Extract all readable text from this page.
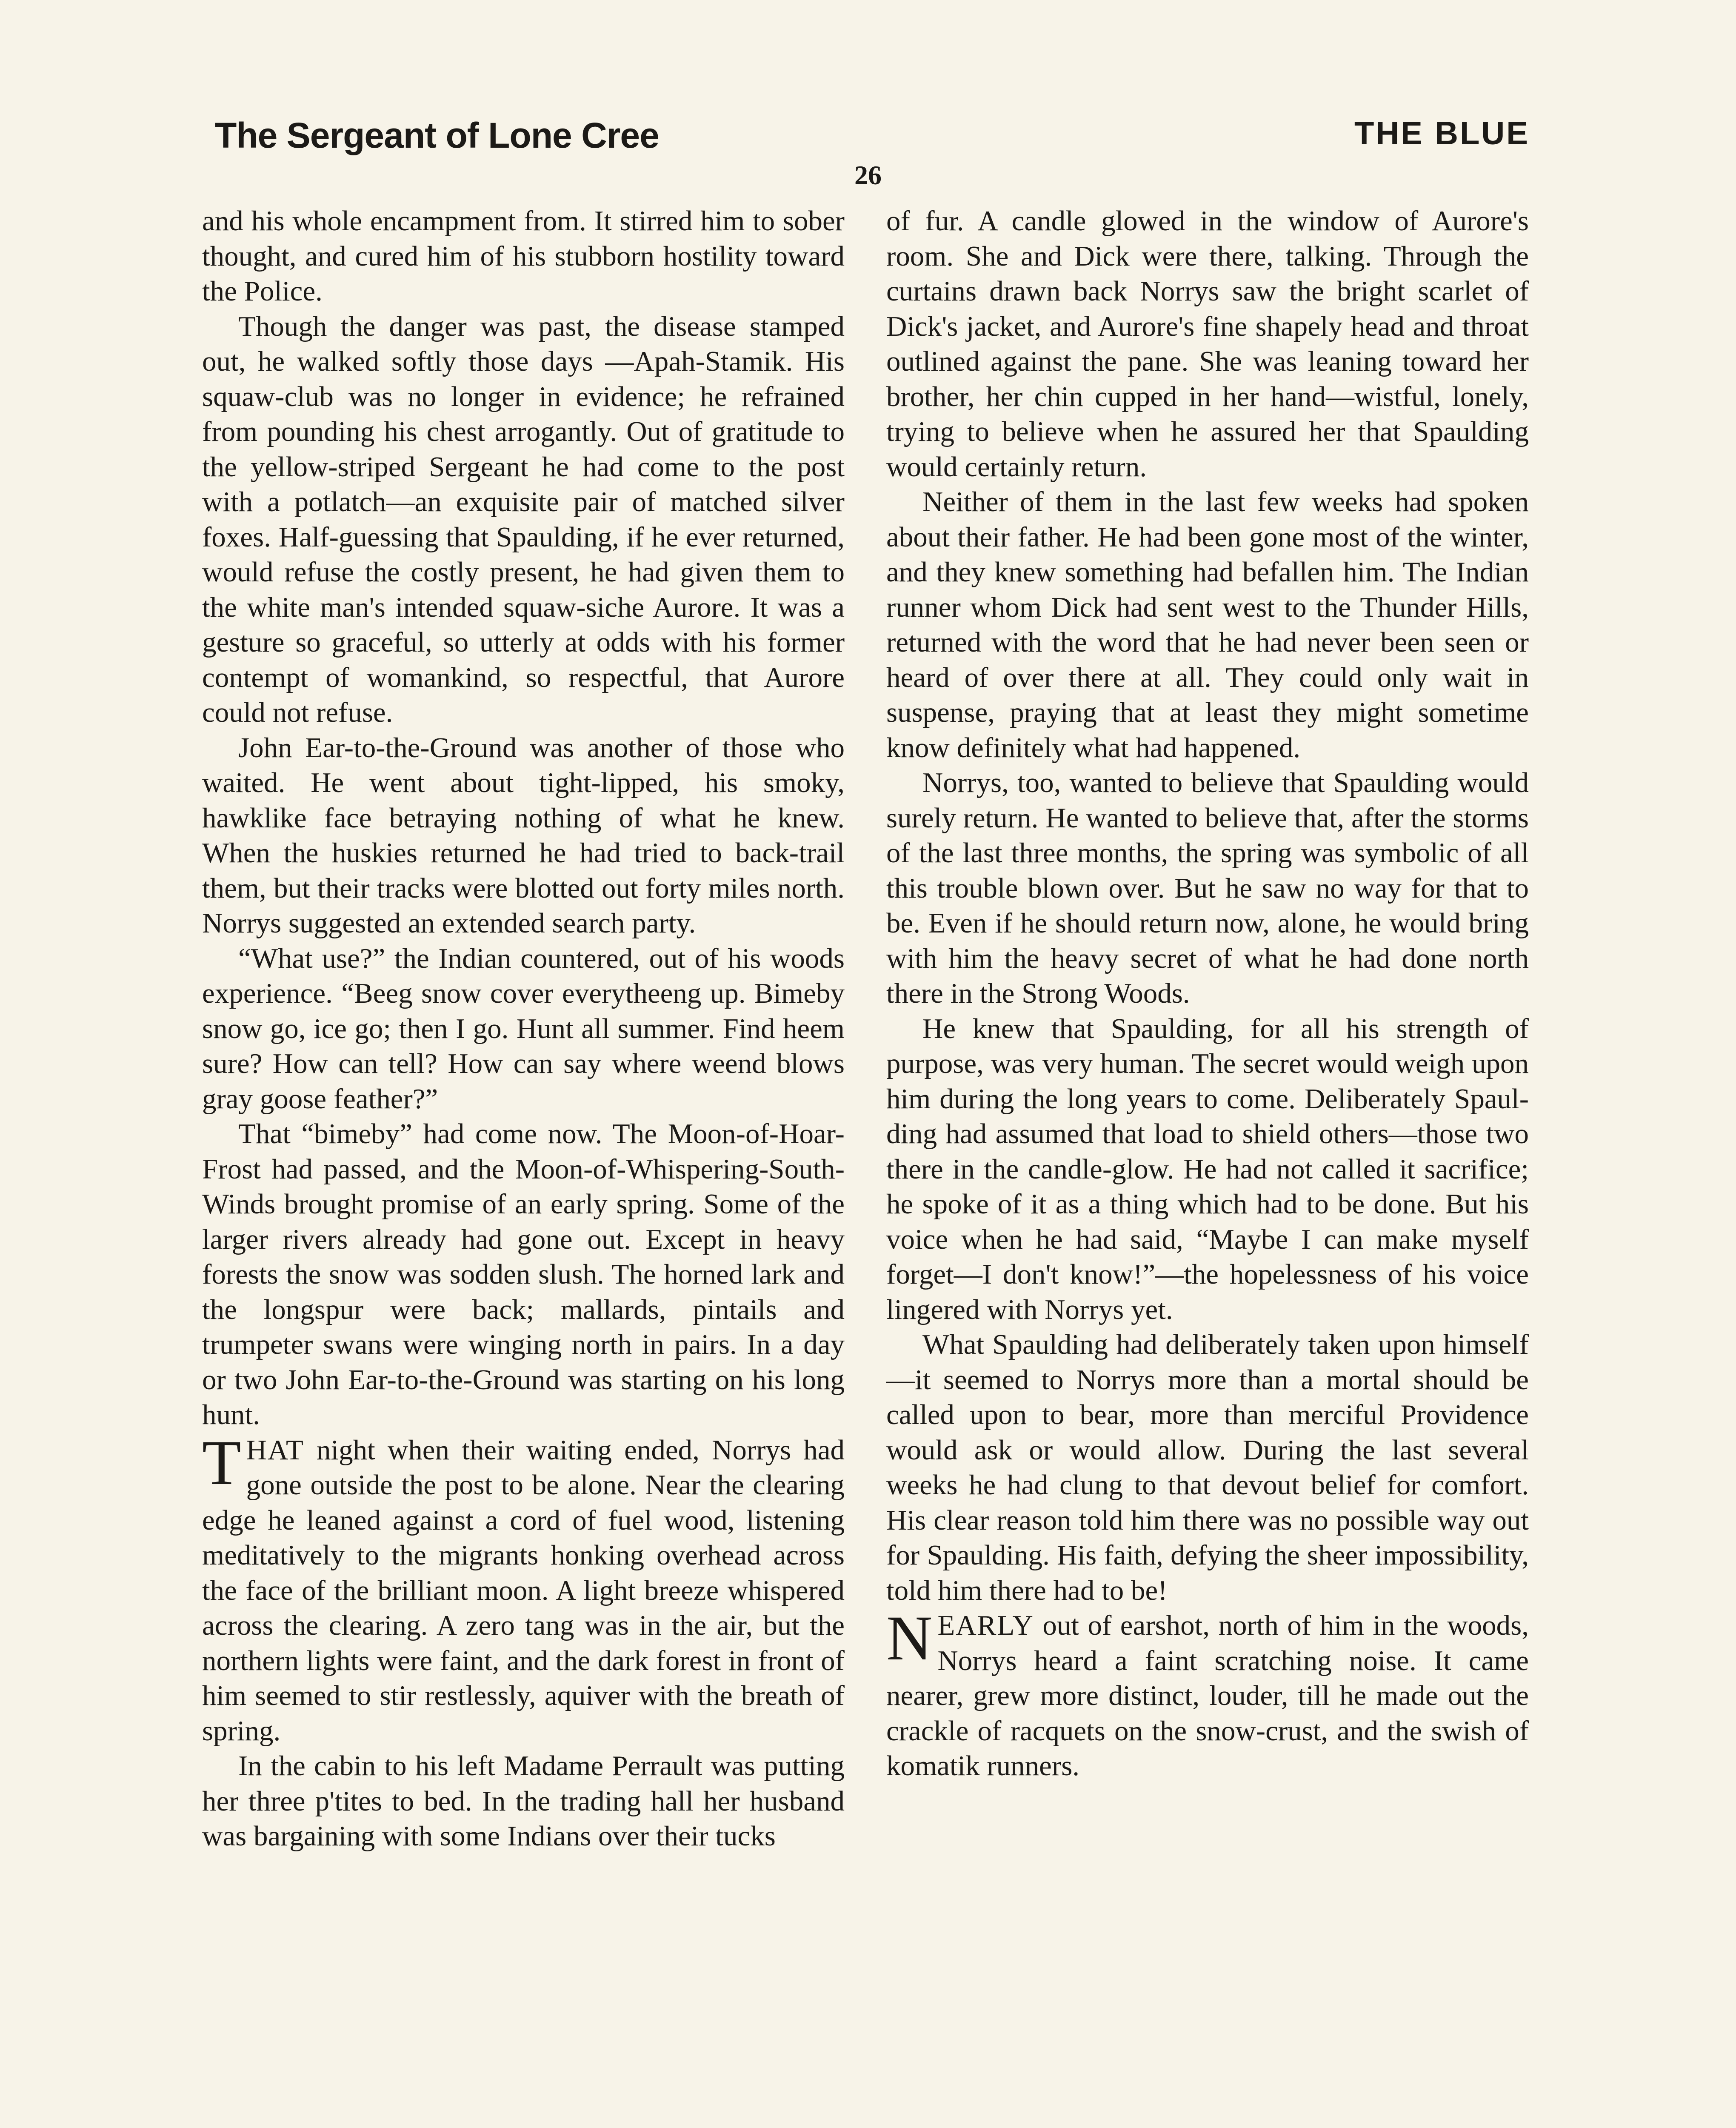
The Sergeant of Lone Cree	THE BLUE
26

and his whole encampment from. It stirred him to sober thought, and cured him of his stubborn hostility toward the Police.

Though the danger was past, the disease stamped out, he walked softly those days —Apah-Stamik. His squaw-club was no longer in evidence; he refrained from pounding his chest arrogantly. Out of gratitude to the yellow-striped Sergeant he had come to the post with a potlatch—an exquisite pair of matched silver foxes. Half-guessing that Spaulding, if he ever returned, would refuse the costly present, he had given them to the white man's intended squaw-siche Aurore. It was a gesture so graceful, so utterly at odds with his former contempt of womankind, so respectful, that Aurore could not refuse.

John Ear-to-the-Ground was another of those who waited. He went about tight-lipped, his smoky, hawklike face betraying nothing of what he knew. When the huskies returned he had tried to back-trail them, but their tracks were blotted out forty miles north. Norrys suggested an extended search party.

“What use?” the Indian countered, out of his woods experience. “Beeg snow cover everytheeng up. Bimeby snow go, ice go; then I go. Hunt all summer. Find heem sure? How can tell? How can say where weend blows gray goose feather?”

That “bimeby” had come now. The Moon-of-Hoar-Frost had passed, and the Moon-of-Whispering-South-Winds brought promise of an early spring. Some of the larger rivers already had gone out. Except in heavy forests the snow was sodden slush. The horned lark and the longspur were back; mallards, pintails and trumpeter swans were winging north in pairs. In a day or two John Ear-to-the-Ground was starting on his long hunt.

THAT night when their waiting ended, Norrys had gone outside the post to be alone. Near the clearing edge he leaned against a cord of fuel wood, listening meditatively to the migrants honking overhead across the face of the brilliant moon. A light breeze whispered across the clearing. A zero tang was in the air, but the northern lights were faint, and the dark forest in front of him seemed to stir restlessly, aquiver with the breath of spring.

In the cabin to his left Madame Perrault was putting her three p'tites to bed. In the trading hall her husband was bargaining with some Indians over their tucks

of fur. A candle glowed in the window of Aurore's room. She and Dick were there, talking. Through the curtains drawn back Norrys saw the bright scarlet of Dick's jacket, and Aurore's fine shapely head and throat outlined against the pane. She was leaning toward her brother, her chin cupped in her hand—wistful, lonely, trying to believe when he assured her that Spaulding would certainly return.

Neither of them in the last few weeks had spoken about their father. He had been gone most of the winter, and they knew something had befallen him. The Indian runner whom Dick had sent west to the Thunder Hills, returned with the word that he had never been seen or heard of over there at all. They could only wait in suspense, praying that at least they might sometime know definitely what had happened.

Norrys, too, wanted to believe that Spaulding would surely return. He wanted to believe that, after the storms of the last three months, the spring was symbolic of all this trouble blown over. But he saw no way for that to be. Even if he should return now, alone, he would bring with him the heavy secret of what he had done north there in the Strong Woods.

He knew that Spaulding, for all his strength of purpose, was very human. The secret would weigh upon him during the long years to come. Deliberately Spaulding had assumed that load to shield others—those two there in the candle-glow. He had not called it sacrifice; he spoke of it as a thing which had to be done. But his voice when he had said, “Maybe I can make myself forget—I don't know!”—the hopelessness of his voice lingered with Norrys yet.

What Spaulding had deliberately taken upon himself—it seemed to Norrys more than a mortal should be called upon to bear, more than merciful Providence would ask or would allow. During the last several weeks he had clung to that devout belief for comfort. His clear reason told him there was no possible way out for Spaulding. His faith, defying the sheer impossibility, told him there had to be!

NEARLY out of earshot, north of him in the woods, Norrys heard a faint scratching noise. It came nearer, grew more distinct, louder, till he made out the crackle of racquets on the snow-crust, and the swish of komatik runners.
